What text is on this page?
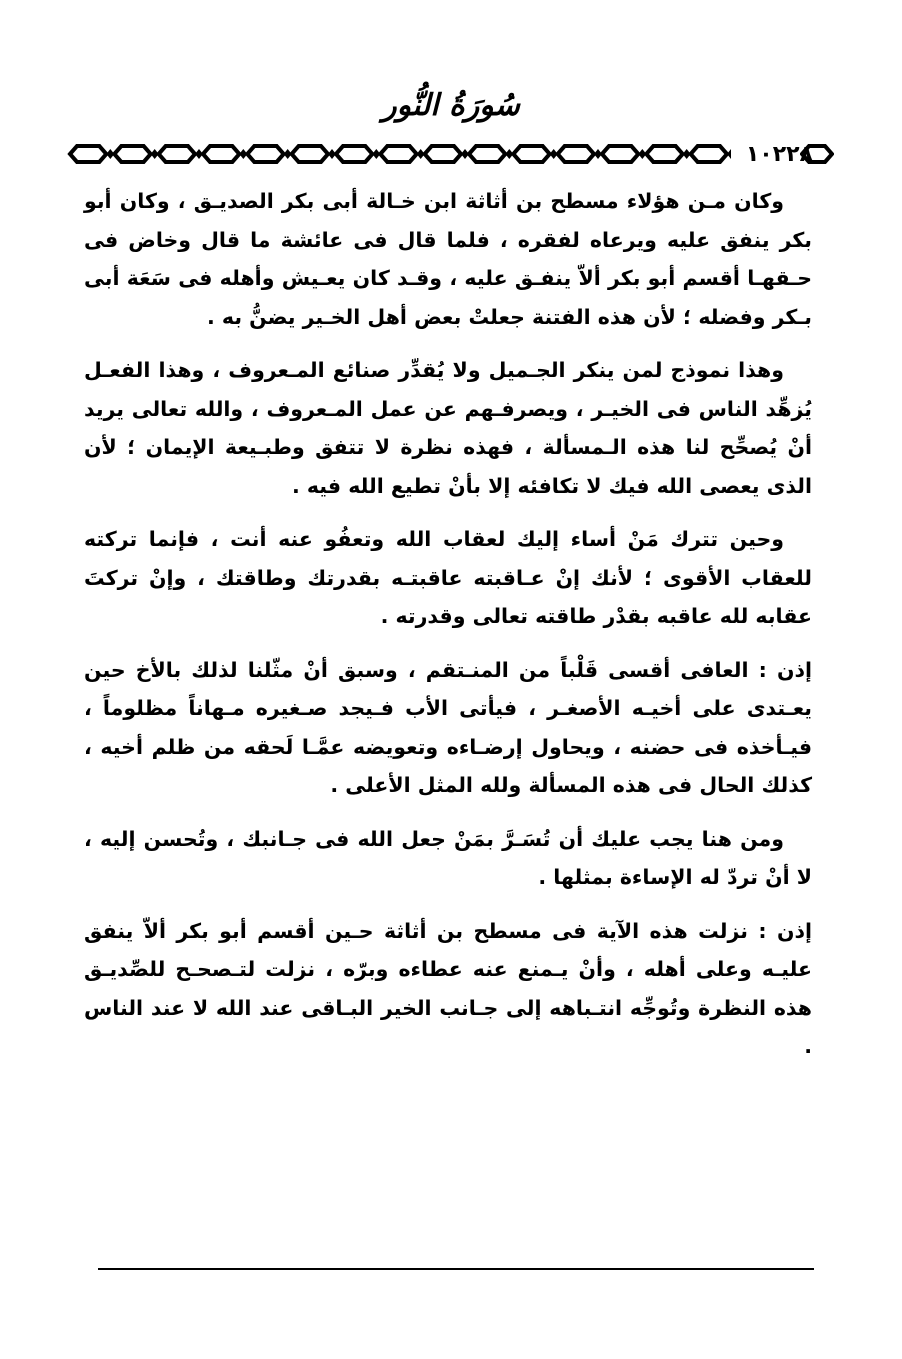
سُورَةُ النُّور
١٠٢٢٨

وكان مـن هؤلاء مسطح بن أثاثة ابن خـالة أبى بكر الصديـق ، وكان أبو بكر ينفق عليه ويرعاه لفقره ، فلما قال فى عائشة ما قال وخاض فى حـقهـا أقسم أبو بكر ألاّ ينفـق عليه ، وقـد كان يعـيش وأهله فى سَعَة أبى بـكر وفضله ؛ لأن هذه الفتنة جعلتْ بعض أهل الخـير يضنُّ به .

وهذا نموذج لمن ينكر الجـميل ولا يُقدِّر صنائع المـعروف ، وهذا الفعـل يُزهِّد الناس فى الخيـر ، ويصرفـهم عن عمل المـعروف ، والله تعالى يريد أنْ يُصحِّح لنا هذه الـمسألة ، فهذه نظرة لا تتفق وطبـيعة الإيمان ؛ لأن الذى يعصى الله فيك لا تكافئه إلا بأنْ تطيع الله فيه .

وحين تترك مَنْ أساء إليك لعقاب الله وتعفُو عنه أنت ، فإنما تركته للعقاب الأقوى ؛ لأنك إنْ عـاقبته عاقبتـه بقدرتك وطاقتك ، وإنْ تركتَ عقابه لله عاقبه بقدْر طاقته تعالى وقدرته .

إذن : العافى أقسى قَلْباً من المنـتقم ، وسبق أنْ مثّلنا لذلك بالأخ حين يعـتدى على أخيـه الأصغـر ، فيأتى الأب فـيجد صـغيره مـهاناً مظلوماً ، فيـأخذه فى حضنه ، ويحاول إرضـاءه وتعويضه عمَّـا لَحقه من ظلم أخيه ، كذلك الحال فى هذه المسألة ولله المثل الأعلى .

ومن هنا يجب عليك أن تُسَـرَّ بمَنْ جعل الله فى جـانبك ، وتُحسن إليه ، لا أنْ تردّ له الإساءة بمثلها .

إذن : نزلت هذه الآية فى مسطح بن أثاثة حـين أقسم أبو بكر ألاّ ينفق عليـه وعلى أهله ، وأنْ يـمنع عنه عطاءه وبرّه ، نزلت لتـصحـح للصِّديـق هذه النظرة وتُوجِّه انتـباهه إلى جـانب الخير البـاقى عند الله لا عند الناس .
